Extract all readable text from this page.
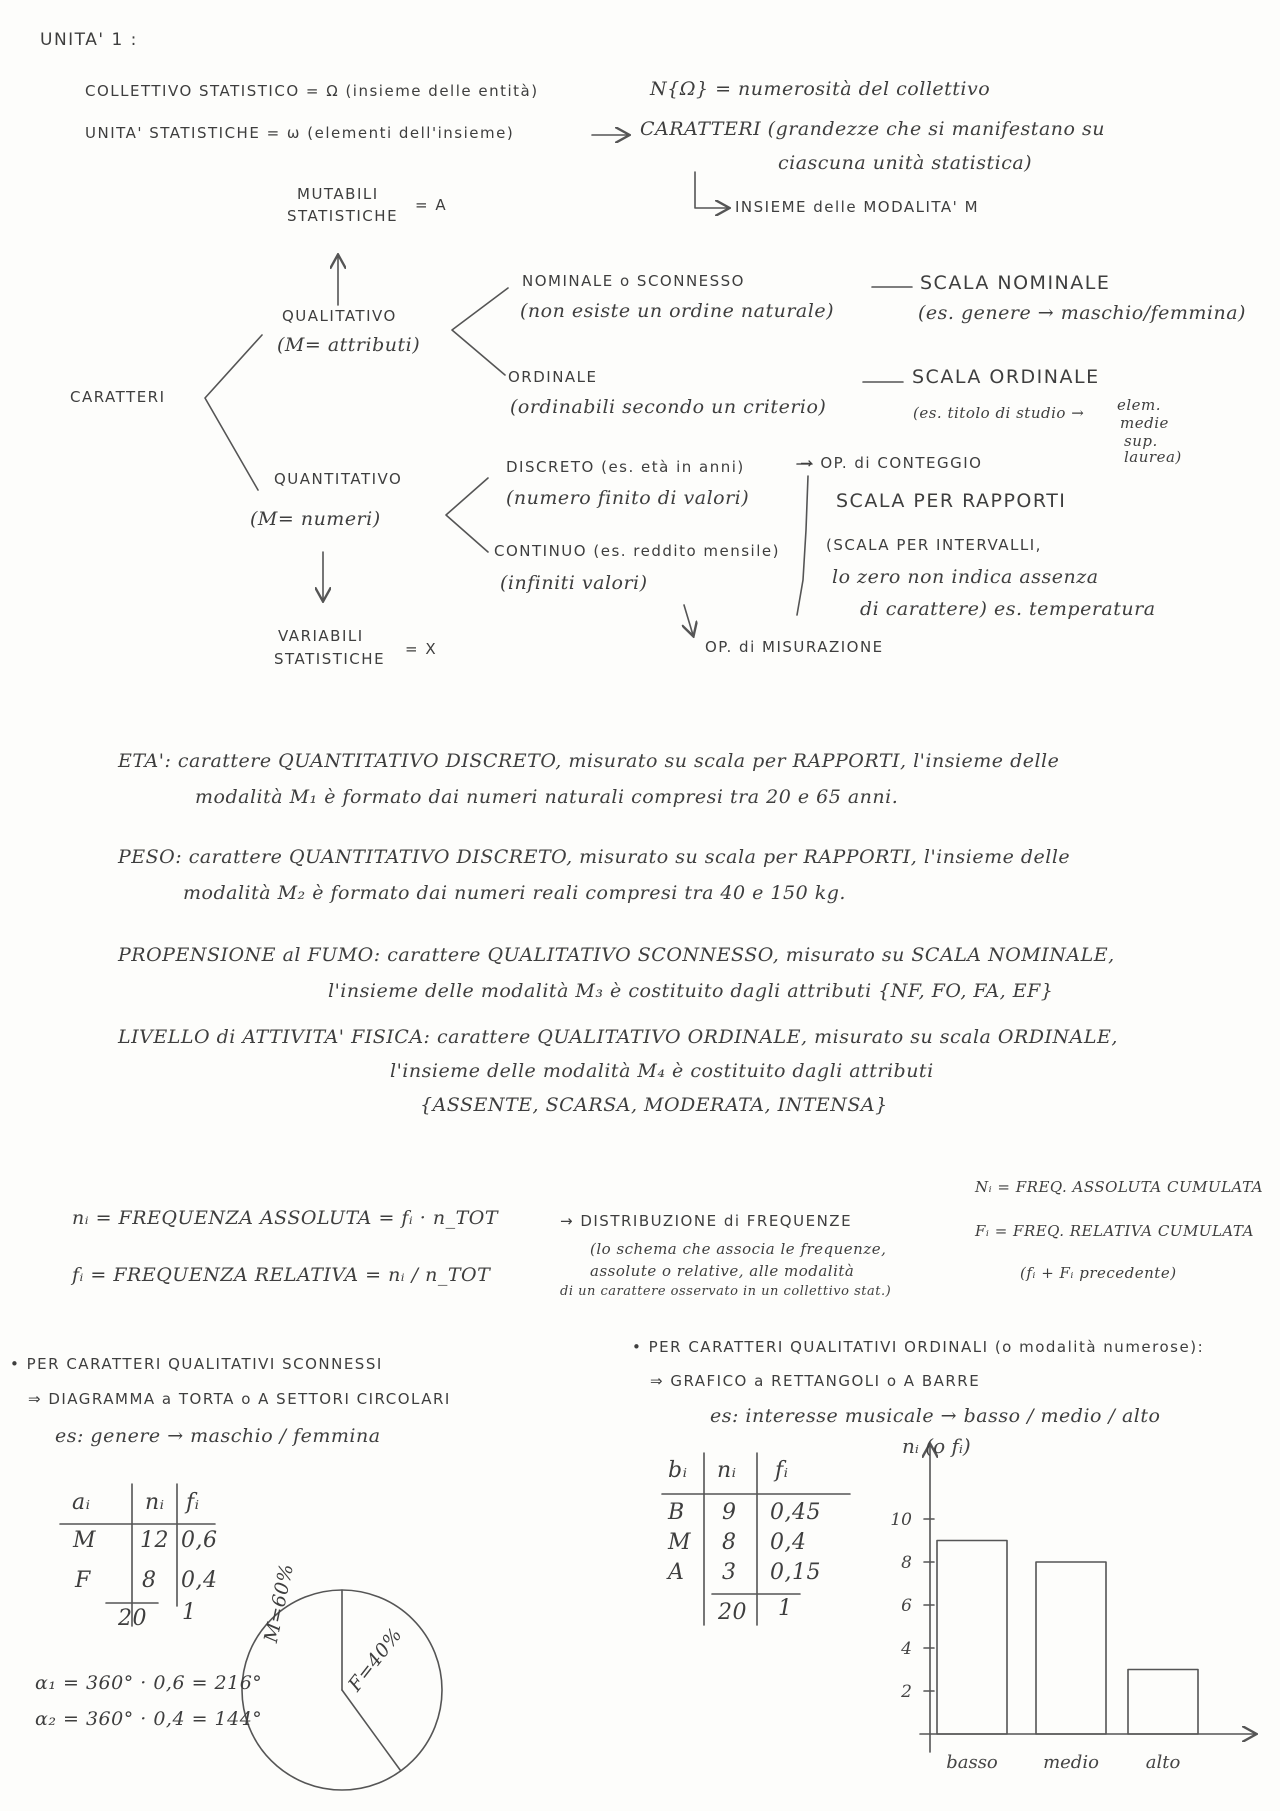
nᵢ (o fᵢ)
2
4
6
8
10
basso	medio	alto
UNITA' 1 :
COLLETTIVO STATISTICO = Ω (insieme delle entità)
UNITA' STATISTICHE = ω (elementi dell'insieme)
N{Ω} = numerosità del collettivo
CARATTERI (grandezze che si manifestano su
ciascuna unità statistica)
INSIEME delle MODALITA' M
MUTABILI
STATISTICHE
= A
QUALITATIVO
(M= attributi)
CARATTERI
QUANTITATIVO
(M= numeri)
VARIABILI
STATISTICHE
= X
NOMINALE o SCONNESSO
(non esiste un ordine naturale)
SCALA NOMINALE
(es. genere → maschio/femmina)
ORDINALE
(ordinabili secondo un criterio)
SCALA ORDINALE
(es. titolo di studio → elem.
medie
sup.
laurea)
DISCRETO (es. età in anni)
(numero finito di valori)
→ OP. di CONTEGGIO
SCALA PER RAPPORTI
CONTINUO (es. reddito mensile)
(infiniti valori)
(SCALA PER INTERVALLI,
lo zero non indica assenza
di carattere) es. temperatura
OP. di MISURAZIONE
ETA': carattere QUANTITATIVO DISCRETO, misurato su scala per RAPPORTI, l'insieme delle
modalità M₁ è formato dai numeri naturali compresi tra 20 e 65 anni.
PESO: carattere QUANTITATIVO DISCRETO, misurato su scala per RAPPORTI, l'insieme delle
modalità M₂ è formato dai numeri reali compresi tra 40 e 150 kg.
PROPENSIONE al FUMO: carattere QUALITATIVO SCONNESSO, misurato su SCALA NOMINALE,
l'insieme delle modalità M₃ è costituito dagli attributi {NF, FO, FA, EF}
LIVELLO di ATTIVITA' FISICA: carattere QUALITATIVO ORDINALE, misurato su scala ORDINALE,
l'insieme delle modalità M₄ è costituito dagli attributi
{ASSENTE, SCARSA, MODERATA, INTENSA}
nᵢ = FREQUENZA ASSOLUTA = fᵢ · n_TOT
fᵢ = FREQUENZA RELATIVA = nᵢ / n_TOT
→ DISTRIBUZIONE di FREQUENZE
(lo schema che associa le frequenze,
assolute o relative, alle modalità
di un carattere osservato in un collettivo stat.)
Nᵢ = FREQ. ASSOLUTA CUMULATA
Fᵢ = FREQ. RELATIVA CUMULATA
(fᵢ + Fᵢ precedente)
• PER CARATTERI QUALITATIVI SCONNESSI
⇒ DIAGRAMMA a TORTA o A SETTORI CIRCOLARI
es: genere → maschio / femmina
aᵢ nᵢ fᵢ
M 12 0,6
F 8 0,4
20 1
α₁ = 360° · 0,6 = 216°
α₂ = 360° · 0,4 = 144°
M=60%
F=40%
• PER CARATTERI QUALITATIVI ORDINALI (o modalità numerose):
⇒ GRAFICO a RETTANGOLI o A BARRE
es: interesse musicale → basso / medio / alto
bᵢ nᵢ fᵢ
B 9 0,45
M 8 0,4
A 3 0,15
20 1
